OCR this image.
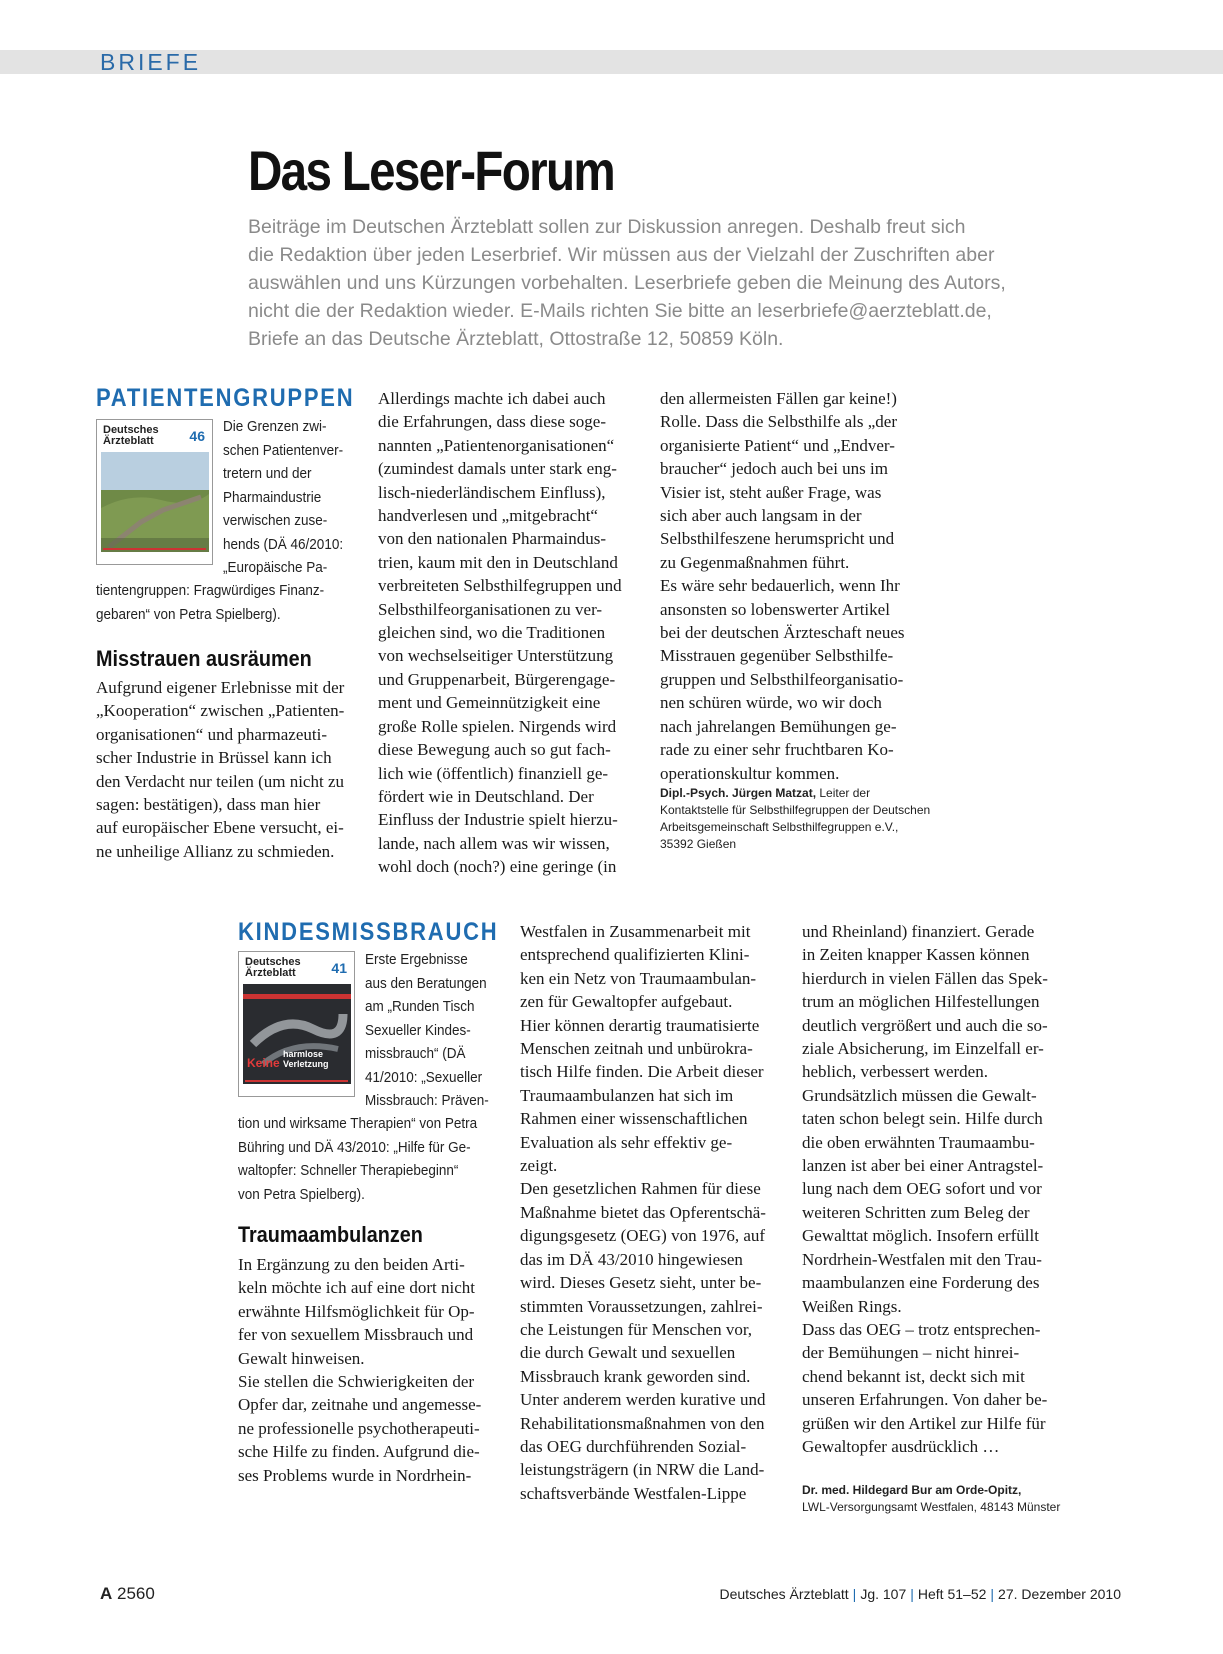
BRIEFE
Das Leser-Forum
Beiträge im Deutschen Ärzteblatt sollen zur Diskussion anregen. Deshalb freut sich
die Redaktion über jeden Leserbrief. Wir müssen aus der Vielzahl der Zuschriften aber
auswählen und uns Kürzungen vorbehalten. Leserbriefe geben die Meinung des Autors,
nicht die der Redaktion wieder. E-Mails richten Sie bitte an leserbriefe@aerzteblatt.de,
Briefe an das Deutsche Ärzteblatt, Ottostraße 12, 50859 Köln.
PATIENTENGRUPPEN
Deutsches
Ärzteblatt	46
Die Grenzen zwi-
schen Patientenver-
tretern und der
Pharmaindustrie
verwischen zuse-
hends (DÄ 46/2010:
„Europäische Pa-
tientengruppen: Fragwürdiges Finanz-
gebaren“ von Petra Spielberg).
Misstrauen ausräumen
Aufgrund eigener Erlebnisse mit der
„Kooperation“ zwischen „Patienten-
organisationen“ und pharmazeuti-
scher Industrie in Brüssel kann ich
den Verdacht nur teilen (um nicht zu
sagen: bestätigen), dass man hier
auf europäischer Ebene versucht, ei-
ne unheilige Allianz zu schmieden.
Allerdings machte ich dabei auch
die Erfahrungen, dass diese soge-
nannten „Patientenorganisationen“
(zumindest damals unter stark eng-
lisch-niederländischem Einfluss),
handverlesen und „mitgebracht“
von den nationalen Pharmaindus-
trien, kaum mit den in Deutschland
verbreiteten Selbsthilfegruppen und
Selbsthilfeorganisationen zu ver-
gleichen sind, wo die Traditionen
von wechselseitiger Unterstützung
und Gruppenarbeit, Bürgerengage-
ment und Gemeinnützigkeit eine
große Rolle spielen. Nirgends wird
diese Bewegung auch so gut fach-
lich wie (öffentlich) finanziell ge-
fördert wie in Deutschland. Der
Einfluss der Industrie spielt hierzu-
lande, nach allem was wir wissen,
wohl doch (noch?) eine geringe (in
den allermeisten Fällen gar keine!)
Rolle. Dass die Selbsthilfe als „der
organisierte Patient“ und „Endver-
braucher“ jedoch auch bei uns im
Visier ist, steht außer Frage, was
sich aber auch langsam in der
Selbsthilfeszene herumspricht und
zu Gegenmaßnahmen führt.
Es wäre sehr bedauerlich, wenn Ihr
ansonsten so lobenswerter Artikel
bei der deutschen Ärzteschaft neues
Misstrauen gegenüber Selbsthilfe-
gruppen und Selbsthilfeorganisatio-
nen schüren würde, wo wir doch
nach jahrelangen Bemühungen ge-
rade zu einer sehr fruchtbaren Ko-
operationskultur kommen.
Dipl.-Psych. Jürgen Matzat, Leiter der
Kontaktstelle für Selbsthilfegruppen der Deutschen
Arbeitsgemeinschaft Selbsthilfegruppen e.V.,
35392 Gießen
KINDESMISSBRAUCH
Deutsches
Ärzteblatt	41
Keine
harmlose
Verletzung
Erste Ergebnisse
aus den Beratungen
am „Runden Tisch
Sexueller Kindes-
missbrauch“ (DÄ
41/2010: „Sexueller
Missbrauch: Präven-
tion und wirksame Therapien“ von Petra
Bühring und DÄ 43/2010: „Hilfe für Ge-
waltopfer: Schneller Therapiebeginn“
von Petra Spielberg).
Traumaambulanzen
In Ergänzung zu den beiden Arti-
keln möchte ich auf eine dort nicht
erwähnte Hilfsmöglichkeit für Op-
fer von sexuellem Missbrauch und
Gewalt hinweisen.
Sie stellen die Schwierigkeiten der
Opfer dar, zeitnahe und angemesse-
ne professionelle psychotherapeuti-
sche Hilfe zu finden. Aufgrund die-
ses Problems wurde in Nordrhein-
Westfalen in Zusammenarbeit mit
entsprechend qualifizierten Klini-
ken ein Netz von Traumaambulan-
zen für Gewaltopfer aufgebaut.
Hier können derartig traumatisierte
Menschen zeitnah und unbürokra-
tisch Hilfe finden. Die Arbeit dieser
Traumaambulanzen hat sich im
Rahmen einer wissenschaftlichen
Evaluation als sehr effektiv ge-
zeigt.
Den gesetzlichen Rahmen für diese
Maßnahme bietet das Opferentschä-
digungsgesetz (OEG) von 1976, auf
das im DÄ 43/2010 hingewiesen
wird. Dieses Gesetz sieht, unter be-
stimmten Voraussetzungen, zahlrei-
che Leistungen für Menschen vor,
die durch Gewalt und sexuellen
Missbrauch krank geworden sind.
Unter anderem werden kurative und
Rehabilitationsmaßnahmen von den
das OEG durchführenden Sozial-
leistungsträgern (in NRW die Land-
schaftsverbände Westfalen-Lippe
und Rheinland) finanziert. Gerade
in Zeiten knapper Kassen können
hierdurch in vielen Fällen das Spek-
trum an möglichen Hilfestellungen
deutlich vergrößert und auch die so-
ziale Absicherung, im Einzelfall er-
heblich, verbessert werden.
Grundsätzlich müssen die Gewalt-
taten schon belegt sein. Hilfe durch
die oben erwähnten Traumaambu-
lanzen ist aber bei einer Antragstel-
lung nach dem OEG sofort und vor
weiteren Schritten zum Beleg der
Gewalttat möglich. Insofern erfüllt
Nordrhein-Westfalen mit den Trau-
maambulanzen eine Forderung des
Weißen Rings.
Dass das OEG – trotz entsprechen-
der Bemühungen – nicht hinrei-
chend bekannt ist, deckt sich mit
unseren Erfahrungen. Von daher be-
grüßen wir den Artikel zur Hilfe für
Gewaltopfer ausdrücklich …
Dr. med. Hildegard Bur am Orde-Opitz,
LWL-Versorgungsamt Westfalen, 48143 Münster
A 2560	Deutsches Ärzteblatt | Jg. 107 | Heft 51–52 | 27. Dezember 2010
